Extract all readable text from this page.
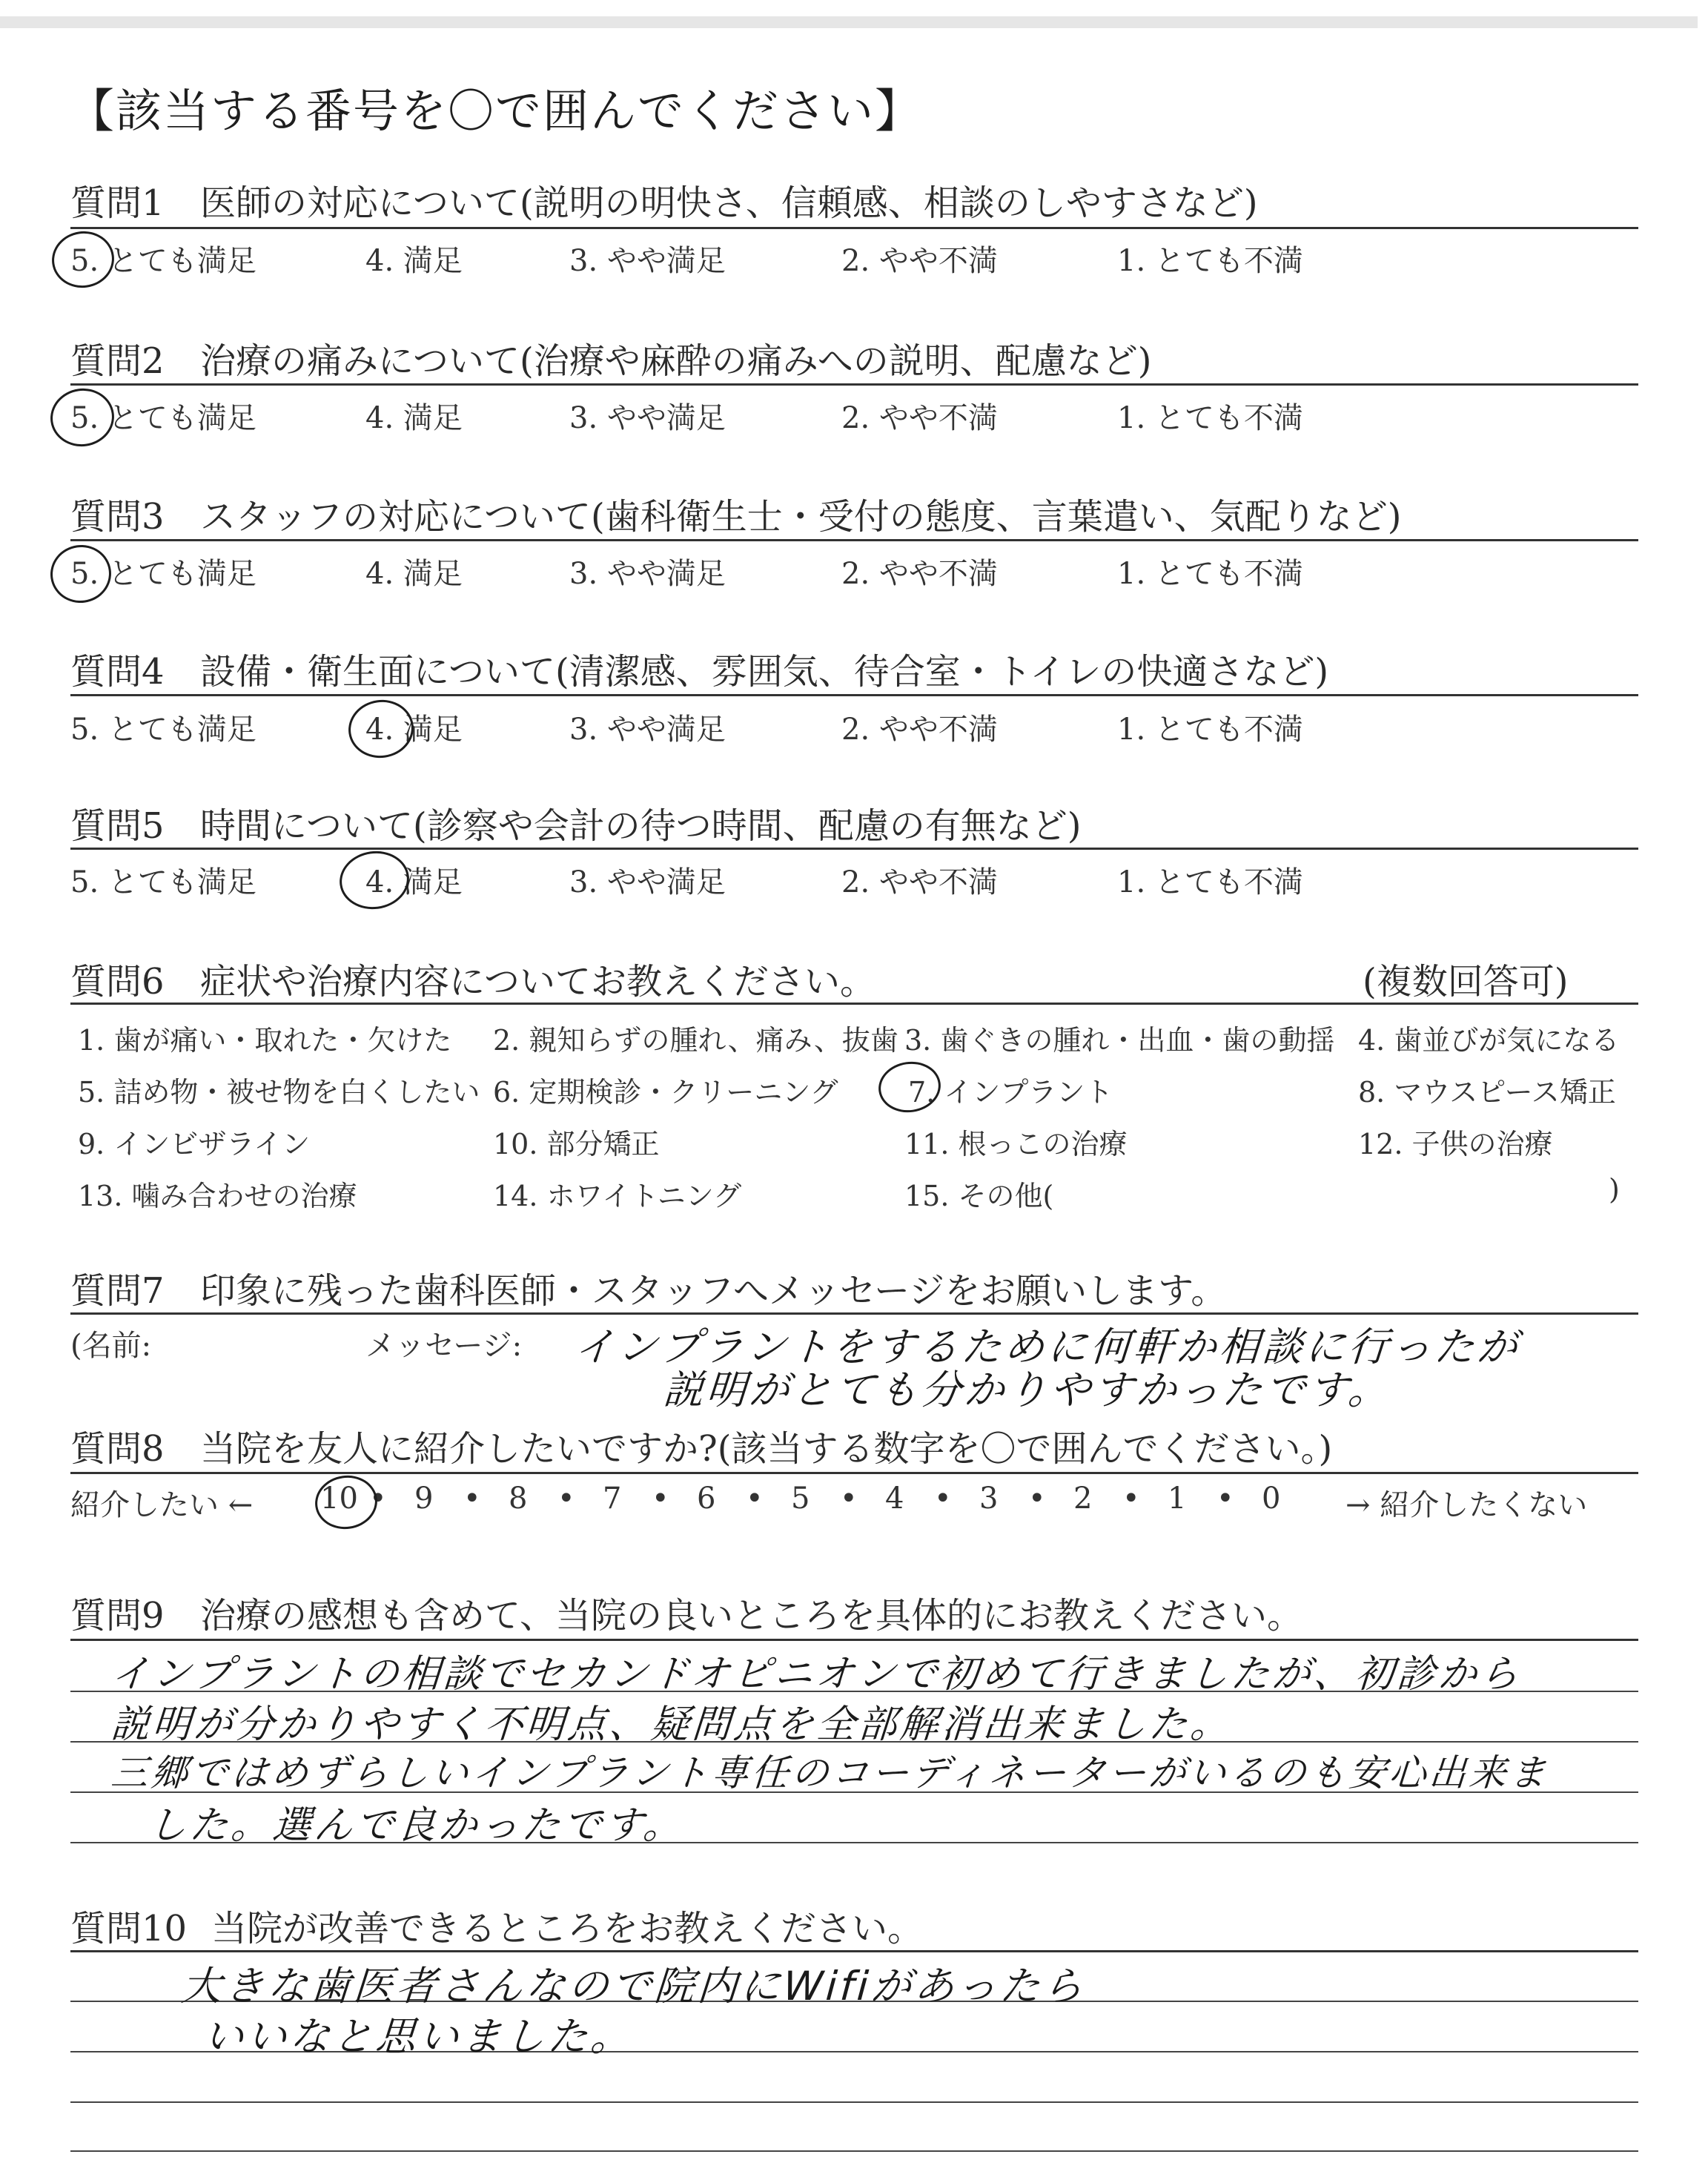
【該当する番号を〇で囲んでください】
質問1 医師の対応について(説明の明快さ、信頼感、相談のしやすさなど)
5. とても満足	4. 満足	3. やや満足	2. やや不満	1. とても不満
質問2 治療の痛みについて(治療や麻酔の痛みへの説明、配慮など)
5. とても満足	4. 満足	3. やや満足	2. やや不満	1. とても不満
質問3 スタッフの対応について(歯科衛生士・受付の態度、言葉遣い、気配りなど)
5. とても満足	4. 満足	3. やや満足	2. やや不満	1. とても不満
質問4 設備・衛生面について(清潔感、雰囲気、待合室・トイレの快適さなど)
5. とても満足	4. 満足	3. やや満足	2. やや不満	1. とても不満
質問5 時間について(診察や会計の待つ時間、配慮の有無など)
5. とても満足	4. 満足	3. やや満足	2. やや不満	1. とても不満
質問6 症状や治療内容についてお教えください。	(複数回答可)
1. 歯が痛い・取れた・欠けた 2. 親知らずの腫れ、痛み、抜歯 3. 歯ぐきの腫れ・出血・歯の動揺 4. 歯並びが気になる
5. 詰め物・被せ物を白くしたい 6. 定期検診・クリーニング 7. インプラント	8. マウスピース矯正
9. インビザライン	10. 部分矯正	11. 根っこの治療	12. 子供の治療
13. 噛み合わせの治療	14. ホワイトニング	15. その他(	)
質問7 印象に残った歯科医師・スタッフへメッセージをお願いします。
(名前:	メッセージ: インプラントをするために何軒か相談に行ったが
説明がとても分かりやすかったです。
質問8 当院を友人に紹介したいですか?(該当する数字を〇で囲んでください。)
紹介したい ←	→ 紹介したくない
10 • 9 • 8 • 7 • 6 • 5 • 4 • 3 • 2 • 1 • 0
質問9 治療の感想も含めて、当院の良いところを具体的にお教えください。
インプラントの相談でセカンドオピニオンで初めて行きましたが、初診から
説明が分かりやすく不明点、疑問点を全部解消出来ました。
三郷ではめずらしいインプラント専任のコーディネーターがいるのも安心出来ま
した。選んで良かったです。
質問10 当院が改善できるところをお教えください。
大きな歯医者さんなので院内にWifiがあったら
いいなと思いました。
